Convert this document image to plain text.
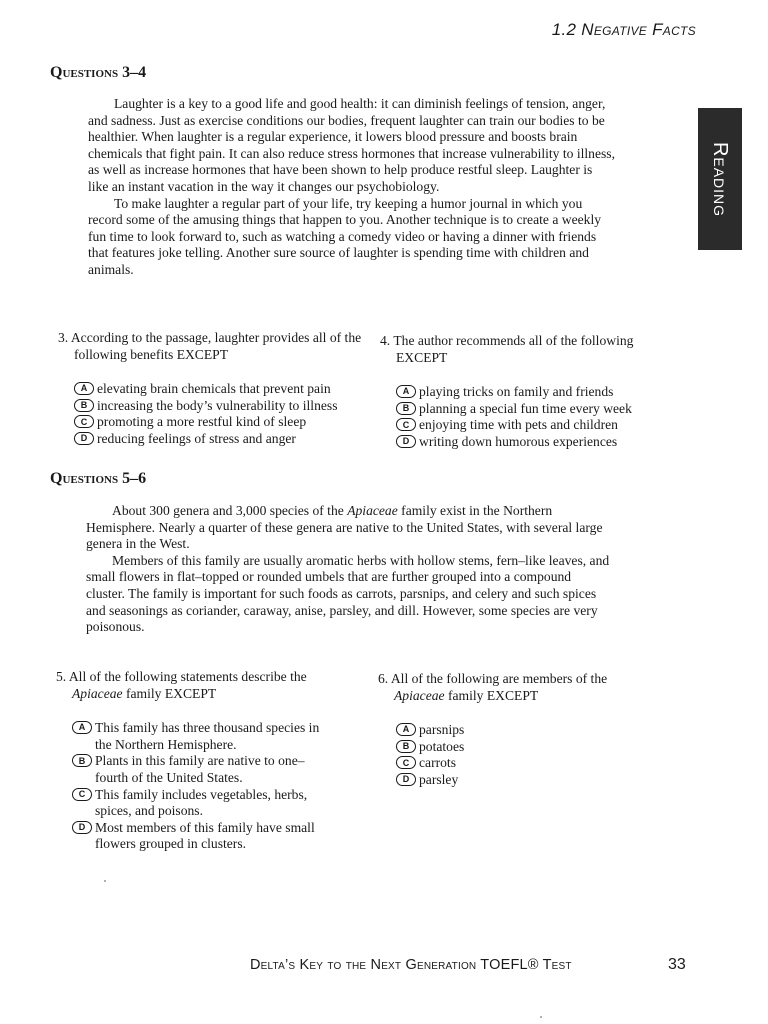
1.2 Negative Facts
Reading
Questions 3–4

Laughter is a key to a good life and good health: it can diminish feelings of tension, anger, and sadness. Just as exercise conditions our bodies, frequent laughter can train our bodies to be healthier. When laughter is a regular experience, it lowers blood pressure and boosts brain chemicals that fight pain. It can also reduce stress hormones that increase vulnerability to illness, as well as increase hormones that have been shown to help produce restful sleep. Laughter is like an instant vacation in the way it changes our psychobiology.

To make laughter a regular part of your life, try keeping a humor journal in which you record some of the amusing things that happen to you. Another technique is to create a weekly fun time to look forward to, such as watching a comedy video or having a dinner with friends that features joke telling. Another sure source of laughter is spending time with children and animals.

3. According to the passage, laughter provides all of the following benefits EXCEPT

A elevating brain chemicals that prevent pain
B increasing the body’s vulnerability to illness
C promoting a more restful kind of sleep
D reducing feelings of stress and anger

4. The author recommends all of the following EXCEPT

A playing tricks on family and friends
B planning a special fun time every week
C enjoying time with pets and children
D writing down humorous experiences
Questions 5–6

About 300 genera and 3,000 species of the Apiaceae family exist in the Northern Hemisphere. Nearly a quarter of these genera are native to the United States, with several large genera in the West.

Members of this family are usually aromatic herbs with hollow stems, fern–like leaves, and small flowers in flat–topped or rounded umbels that are further grouped into a compound cluster. The family is important for such foods as carrots, parsnips, and celery and such spices and seasonings as coriander, caraway, anise, parsley, and dill. However, some species are very poisonous.

5. All of the following statements describe the Apiaceae family EXCEPT

A This family has three thousand species in the Northern Hemisphere.
B Plants in this family are native to one–fourth of the United States.
C This family includes vegetables, herbs, spices, and poisons.
D Most members of this family have small flowers grouped in clusters.

6. All of the following are members of the Apiaceae family EXCEPT

A parsnips
B potatoes
C carrots
D parsley
Delta’s Key to the Next Generation TOEFL® Test	33
